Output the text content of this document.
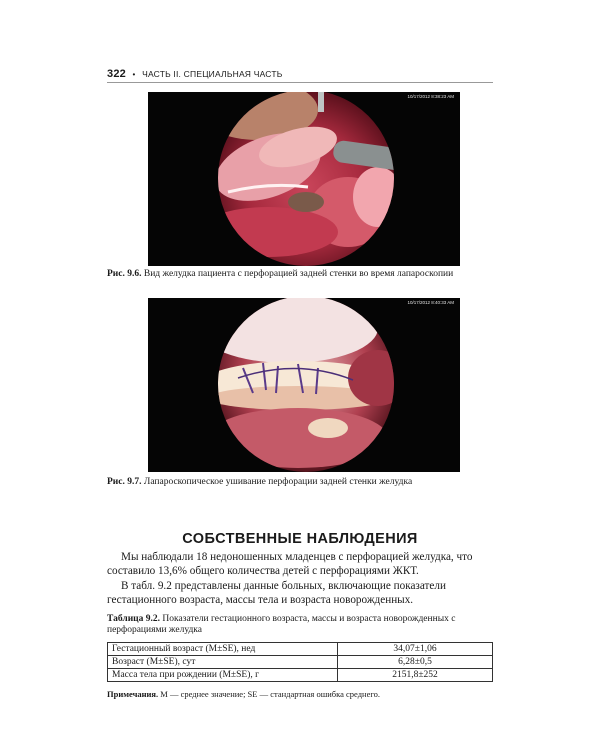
322 • ЧАСТЬ II. СПЕЦИАЛЬНАЯ ЧАСТЬ
10/17/2012 8:38:23 AM
Рис. 9.6. Вид желудка пациента с перфорацией задней стенки во время лапароскопии
10/17/2012 8:40:33 AM
Рис. 9.7. Лапароскопическое ушивание перфорации задней стенки желудка
СОБСТВЕННЫЕ НАБЛЮДЕНИЯ
Мы наблюдали 18 недоношенных младенцев с перфорацией желудка, что составило 13,6% общего количества детей с перфорациями ЖКТ.
В табл. 9.2 представлены данные больных, включающие показатели гестационного возраста, массы тела и возраста новорожденных.
Таблица 9.2. Показатели гестационного возраста, массы и возраста новорожденных с перфорациями желудка
Гестационный возраст (M±SE), нед	34,07±1,06
Возраст (M±SE), сут	6,28±0,5
Масса тела при рождении (M±SE), г	2151,8±252
Примечания. M — среднее значение; SE — стандартная ошибка среднего.
